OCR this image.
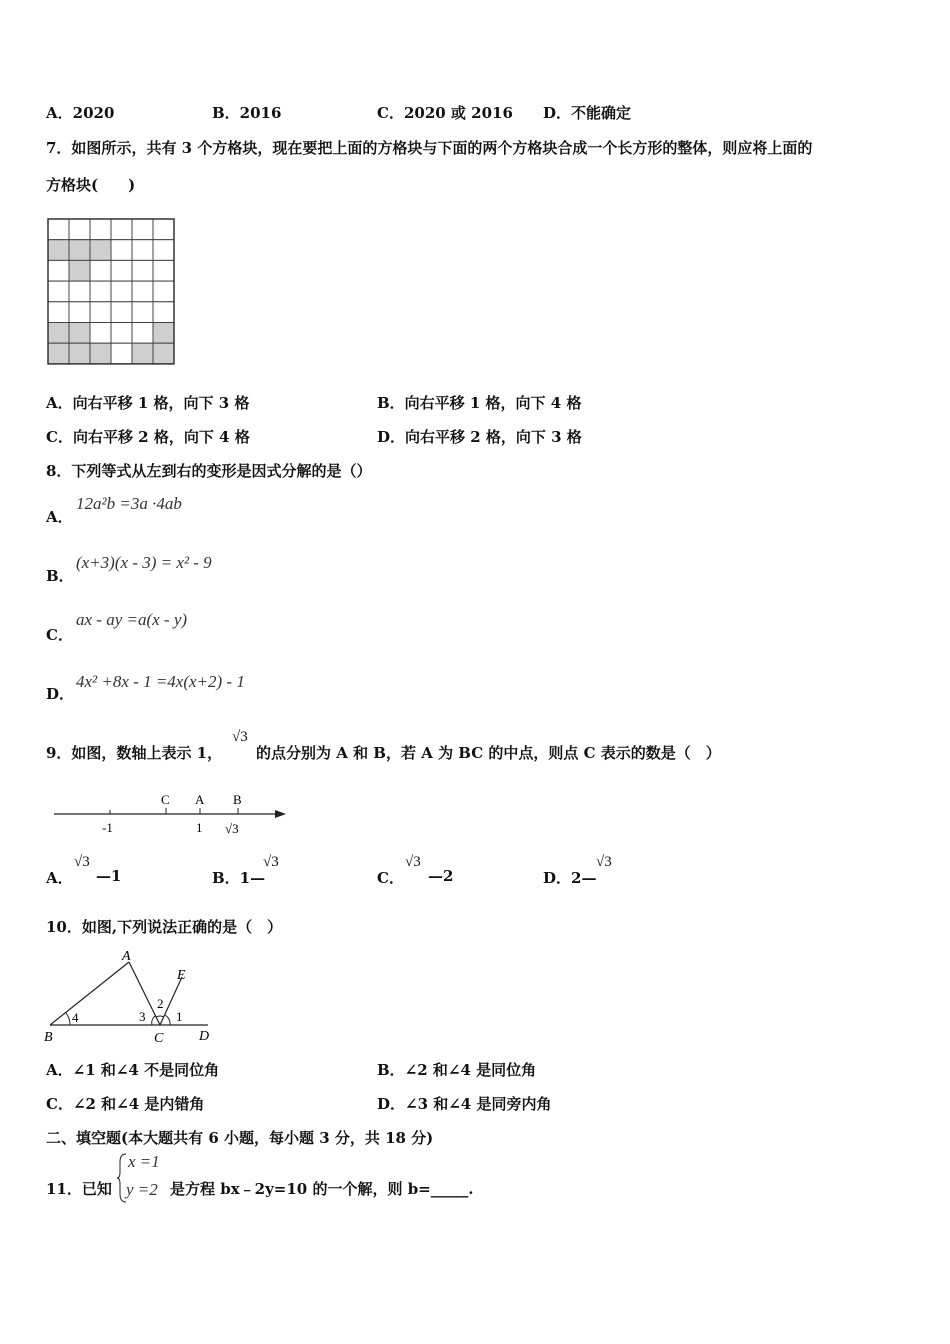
A．2020	B．2016	C．2020 或 2016 D．不能确定
7．如图所示，共有 3 个方格块，现在要把上面的方格块与下面的两个方格块合成一个长方形的整体，则应将上面的
方格块(　　)
A．向右平移 1 格，向下 3 格	B．向右平移 1 格，向下 4 格
C．向右平移 2 格，向下 4 格	D．向右平移 2 格，向下 3 格
8．下列等式从左到右的变形是因式分解的是（）
A．
12a²b =3a ·4ab
B．
(x+3)(x - 3) = x² - 9
C．
ax - ay =a(x - y)
D．
4x² +8x - 1 =4x(x+2) - 1
9．如图，数轴上表示 1，
√3
的点分别为 A 和 B，若 A 为 BC 的中点，则点 C 表示的数是（　）
C A B
-1	1 √3
A．
√3
—1	B．1—
√3
C．
√3
—2	D．2—
√3
10．如图,下列说法正确的是（　）
A
B	C	D
E
1
2
3
4
A．∠1 和∠4 不是同位角	B．∠2 和∠4 是同位角
C．∠2 和∠4 是内错角	D．∠3 和∠4 是同旁内角
二、填空题(本大题共有 6 小题，每小题 3 分，共 18 分)
11．已知
x =1
y =2 是方程 bx﹣2y=10 的一个解，则 b=_____.
